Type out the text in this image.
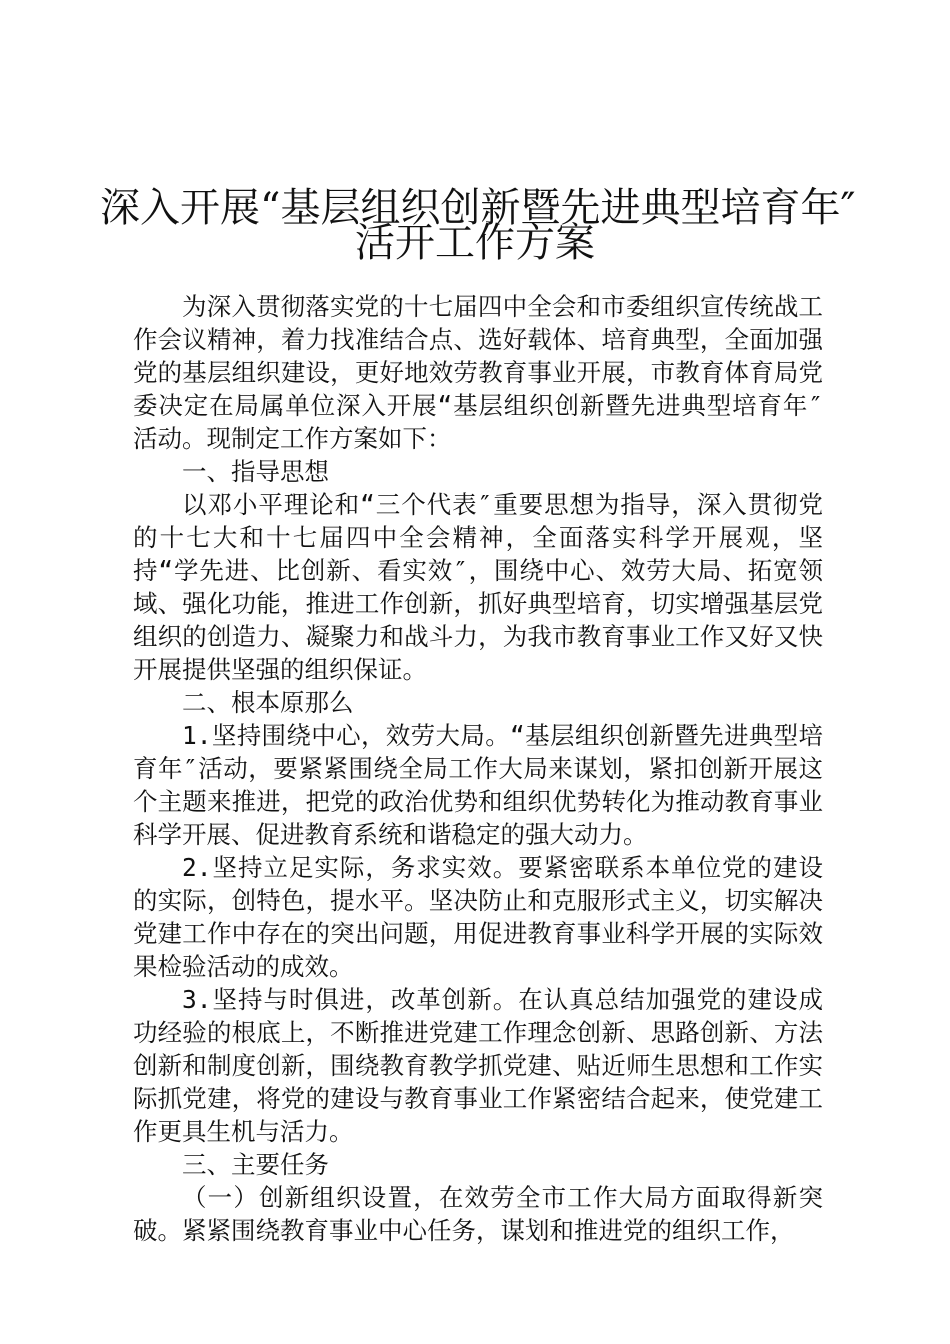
深入开展“基层组织创新暨先进典型培育年″
活开工作方案

为深入贯彻落实党的十七届四中全会和市委组织宣传统战工作会议精神，着力找准结合点、选好载体、培育典型，全面加强党的基层组织建设，更好地效劳教育事业开展，市教育体育局党委决定在局属单位深入开展“基层组织创新暨先进典型培育年″活动。现制定工作方案如下：

一、指导思想

以邓小平理论和“三个代表″重要思想为指导，深入贯彻党的十七大和十七届四中全会精神，全面落实科学开展观，坚持“学先进、比创新、看实效″，围绕中心、效劳大局、拓宽领域、强化功能，推进工作创新，抓好典型培育，切实增强基层党组织的创造力、凝聚力和战斗力，为我市教育事业工作又好又快开展提供坚强的组织保证。

二、根本原那么

1.坚持围绕中心，效劳大局。“基层组织创新暨先进典型培育年″活动，要紧紧围绕全局工作大局来谋划，紧扣创新开展这个主题来推进，把党的政治优势和组织优势转化为推动教育事业科学开展、促进教育系统和谐稳定的强大动力。

2.坚持立足实际，务求实效。要紧密联系本单位党的建设的实际，创特色，提水平。坚决防止和克服形式主义，切实解决党建工作中存在的突出问题，用促进教育事业科学开展的实际效果检验活动的成效。

3.坚持与时俱进，改革创新。在认真总结加强党的建设成功经验的根底上，不断推进党建工作理念创新、思路创新、方法创新和制度创新，围绕教育教学抓党建、贴近师生思想和工作实际抓党建，将党的建设与教育事业工作紧密结合起来，使党建工作更具生机与活力。

三、主要任务

（一）创新组织设置，在效劳全市工作大局方面取得新突破。紧紧围绕教育事业中心任务，谋划和推进党的组织工作，
